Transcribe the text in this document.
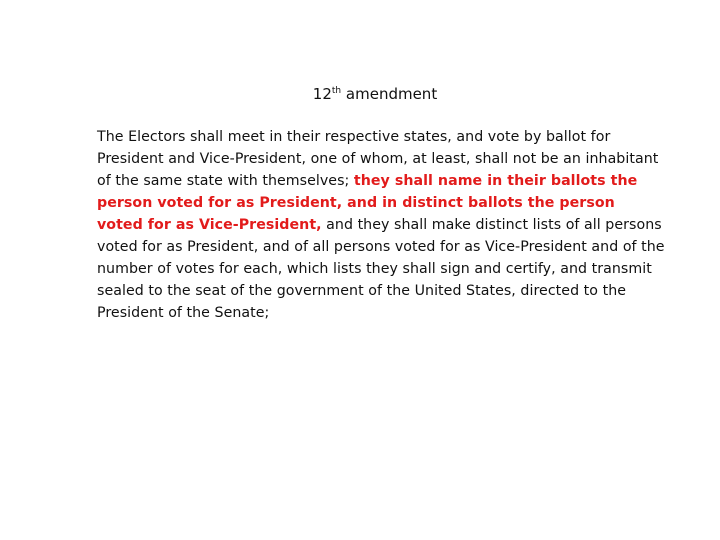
12th amendment

The Electors shall meet in their respective states, and vote by ballot for President and Vice-President, one of whom, at least, shall not be an inhabitant of the same state with themselves; they shall name in their ballots the person voted for as President, and in distinct ballots the person voted for as Vice-President, and they shall make distinct lists of all persons voted for as President, and of all persons voted for as Vice-President and of the number of votes for each, which lists they shall sign and certify, and transmit sealed to the seat of the government of the United States, directed to the President of the Senate;
